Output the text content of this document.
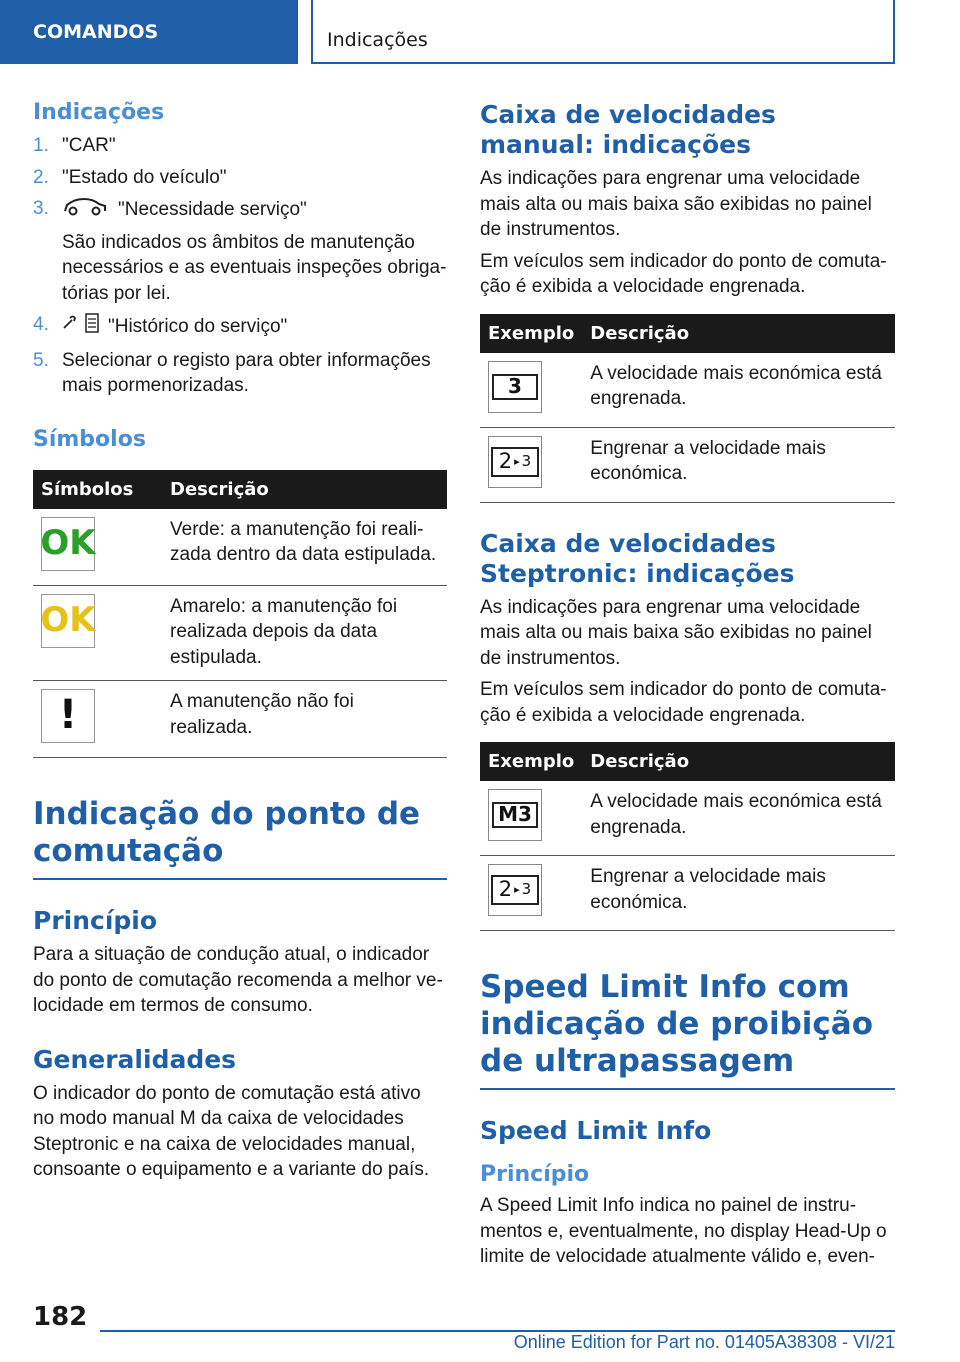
COMANDOS	Indicações
Indicações
1. "CAR"
2. "Estado do veículo"
3.	"Necessidade serviço"
São indicados os âmbitos de manutenção necessários e as eventuais inspeções obrigatórias por lei.
4.	"Histórico do serviço"
5. Selecionar o registo para obter informações mais pormenorizadas.
Símbolos
Símbolos	Descrição

OK	Verde: a manutenção foi realizada dentro da data estipulada.

OK	Amarelo: a manutenção foi realizada depois da data estipulada.

!	A manutenção não foi realizada.
Indicação do ponto de comutação
Princípio

Para a situação de condução atual, o indicador do ponto de comutação recomenda a melhor velocidade em termos de consumo.

Generalidades

O indicador do ponto de comutação está ativo no modo manual M da caixa de velocidades Steptronic e na caixa de velocidades manual, consoante o equipamento e a variante do país.

Caixa de velocidades manual: indicações

As indicações para engrenar uma velocidade mais alta ou mais baixa são exibidas no painel de instrumentos.

Em veículos sem indicador do ponto de comutação é exibida a velocidade engrenada.

Exemplo	Descrição

3	A velocidade mais económica está engrenada.

2 ▸ 3	Engrenar a velocidade mais económica.
Caixa de velocidades Steptronic: indicações

As indicações para engrenar uma velocidade mais alta ou mais baixa são exibidas no painel de instrumentos.

Em veículos sem indicador do ponto de comutação é exibida a velocidade engrenada.

Exemplo	Descrição

M3	A velocidade mais económica está engrenada.

2 ▸ 3	Engrenar a velocidade mais económica.
Speed Limit Info com indicação de proibição de ultrapassagem
Speed Limit Info
Princípio

A Speed Limit Info indica no painel de instrumentos e, eventualmente, no display Head-Up o limite de velocidade atualmente válido e, even-

182
Online Edition for Part no. 01405A38308 - VI/21
